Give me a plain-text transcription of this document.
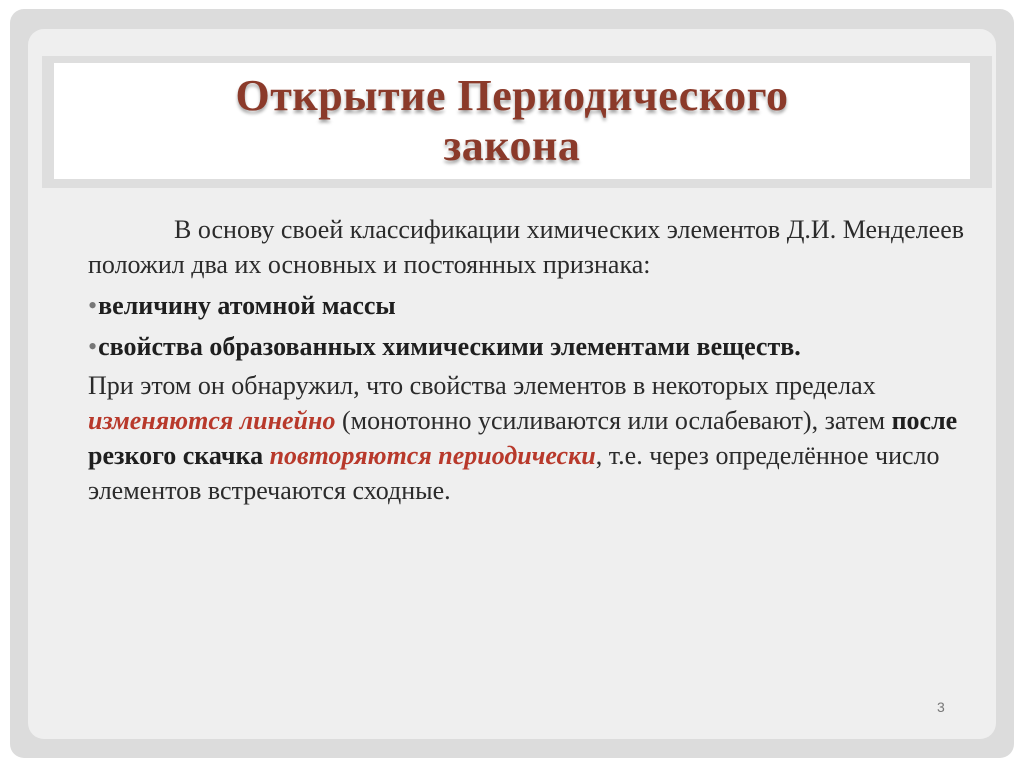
Открытие Периодического
закона

В основу своей классификации химических элементов Д.И. Менделеев положил два их основных и постоянных признака:

•величину атомной массы

•свойства образованных химическими элементами веществ.

При этом он обнаружил, что свойства элементов в некоторых пределах изменяются линейно (монотонно усиливаются или ослабевают), затем после резкого скачка повторяются периодически, т.е. через определённое число элементов встречаются сходные.

3
